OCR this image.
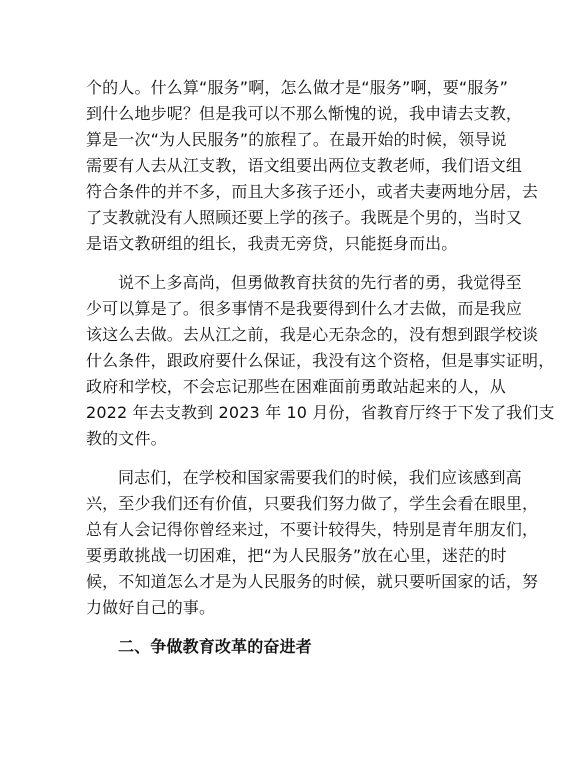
个的人。什么算“服务”啊，怎么做才是“服务”啊，要“服务”
到什么地步呢？但是我可以不那么惭愧的说，我申请去支教，
算是一次“为人民服务”的旅程了。在最开始的时候，领导说
需要有人去从江支教，语文组要出两位支教老师，我们语文组
符合条件的并不多，而且大多孩子还小，或者夫妻两地分居，去
了支教就没有人照顾还要上学的孩子。我既是个男的，当时又
是语文教研组的组长，我责无旁贷，只能挺身而出。
说不上多高尚，但勇做教育扶贫的先行者的勇，我觉得至
少可以算是了。很多事情不是我要得到什么才去做，而是我应
该这么去做。去从江之前，我是心无杂念的，没有想到跟学校谈
什么条件，跟政府要什么保证，我没有这个资格，但是事实证明，
政府和学校，不会忘记那些在困难面前勇敢站起来的人，从
2022 年去支教到 2023 年 10 月份，省教育厅终于下发了我们支
教的文件。
同志们，在学校和国家需要我们的时候，我们应该感到高
兴，至少我们还有价值，只要我们努力做了，学生会看在眼里，
总有人会记得你曾经来过，不要计较得失，特别是青年朋友们，
要勇敢挑战一切困难，把“为人民服务”放在心里，迷茫的时
候，不知道怎么才是为人民服务的时候，就只要听国家的话，努
力做好自己的事。
二、争做教育改革的奋进者
